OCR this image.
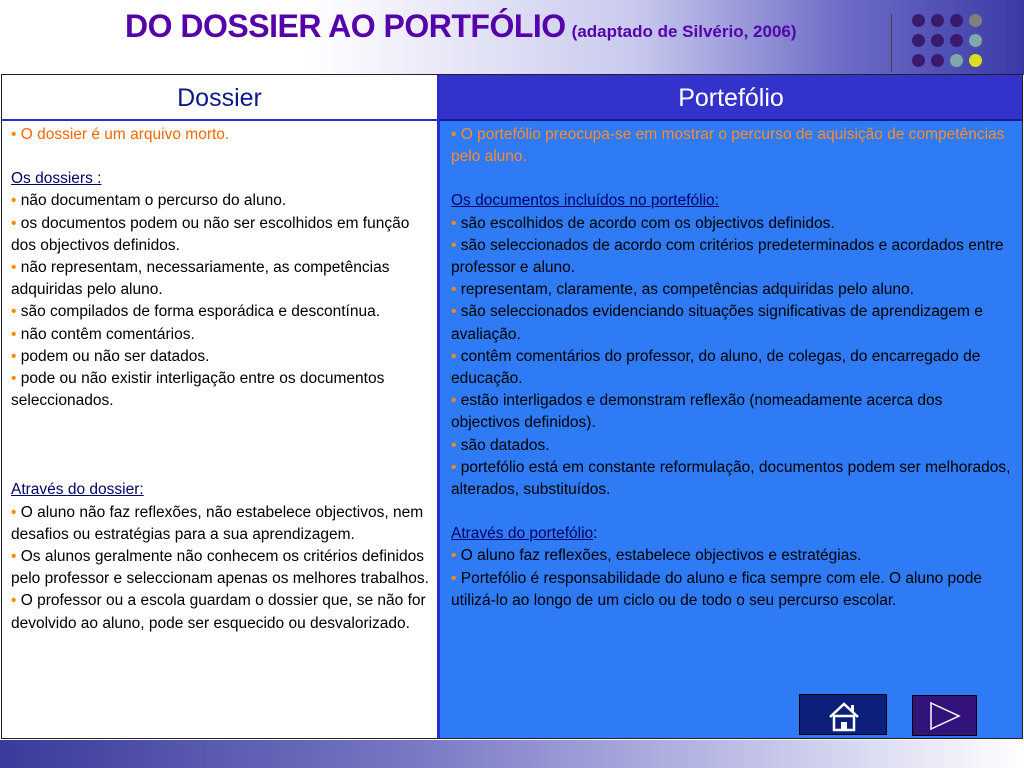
DO DOSSIER AO PORTFÓLIO (adaptado de Silvério, 2006)
Dossier

• O dossier é um arquivo morto.

Os dossiers :

• não documentam o percurso do aluno.

• os documentos podem ou não ser escolhidos em função dos objectivos definidos.

• não representam, necessariamente, as competências adquiridas pelo aluno.

• são compilados de forma esporádica e descontínua.

• não contêm comentários.

• podem ou não ser datados.

• pode ou não existir interligação entre os documentos seleccionados.

Através do dossier:

• O aluno não faz reflexões, não estabelece objectivos, nem desafios ou estratégias para a sua aprendizagem.

• Os alunos geralmente não conhecem os critérios definidos pelo professor e seleccionam apenas os melhores trabalhos.

• O professor ou a escola guardam o dossier que, se não for devolvido ao aluno, pode ser esquecido ou desvalorizado.

Portefólio

• O portefólio preocupa-se em mostrar o percurso de aquisição de competências pelo aluno.

Os documentos incluídos no portefólio:

• são escolhidos de acordo com os objectivos definidos.

• são seleccionados de acordo com critérios predeterminados e acordados entre professor e aluno.

• representam, claramente, as competências adquiridas pelo aluno.

• são seleccionados evidenciando situações significativas de aprendizagem e avaliação.

• contêm comentários do professor, do aluno, de colegas, do encarregado de educação.

• estão interligados e demonstram reflexão (nomeadamente acerca dos objectivos definidos).

• são datados.

• portefólio está em constante reformulação, documentos podem ser melhorados, alterados, substituídos.

Através do portefólio:

• O aluno faz reflexões, estabelece objectivos e estratégias.

• Portefólio é responsabilidade do aluno e fica sempre com ele. O aluno pode utilizá-lo ao longo de um ciclo ou de todo o seu percurso escolar.
